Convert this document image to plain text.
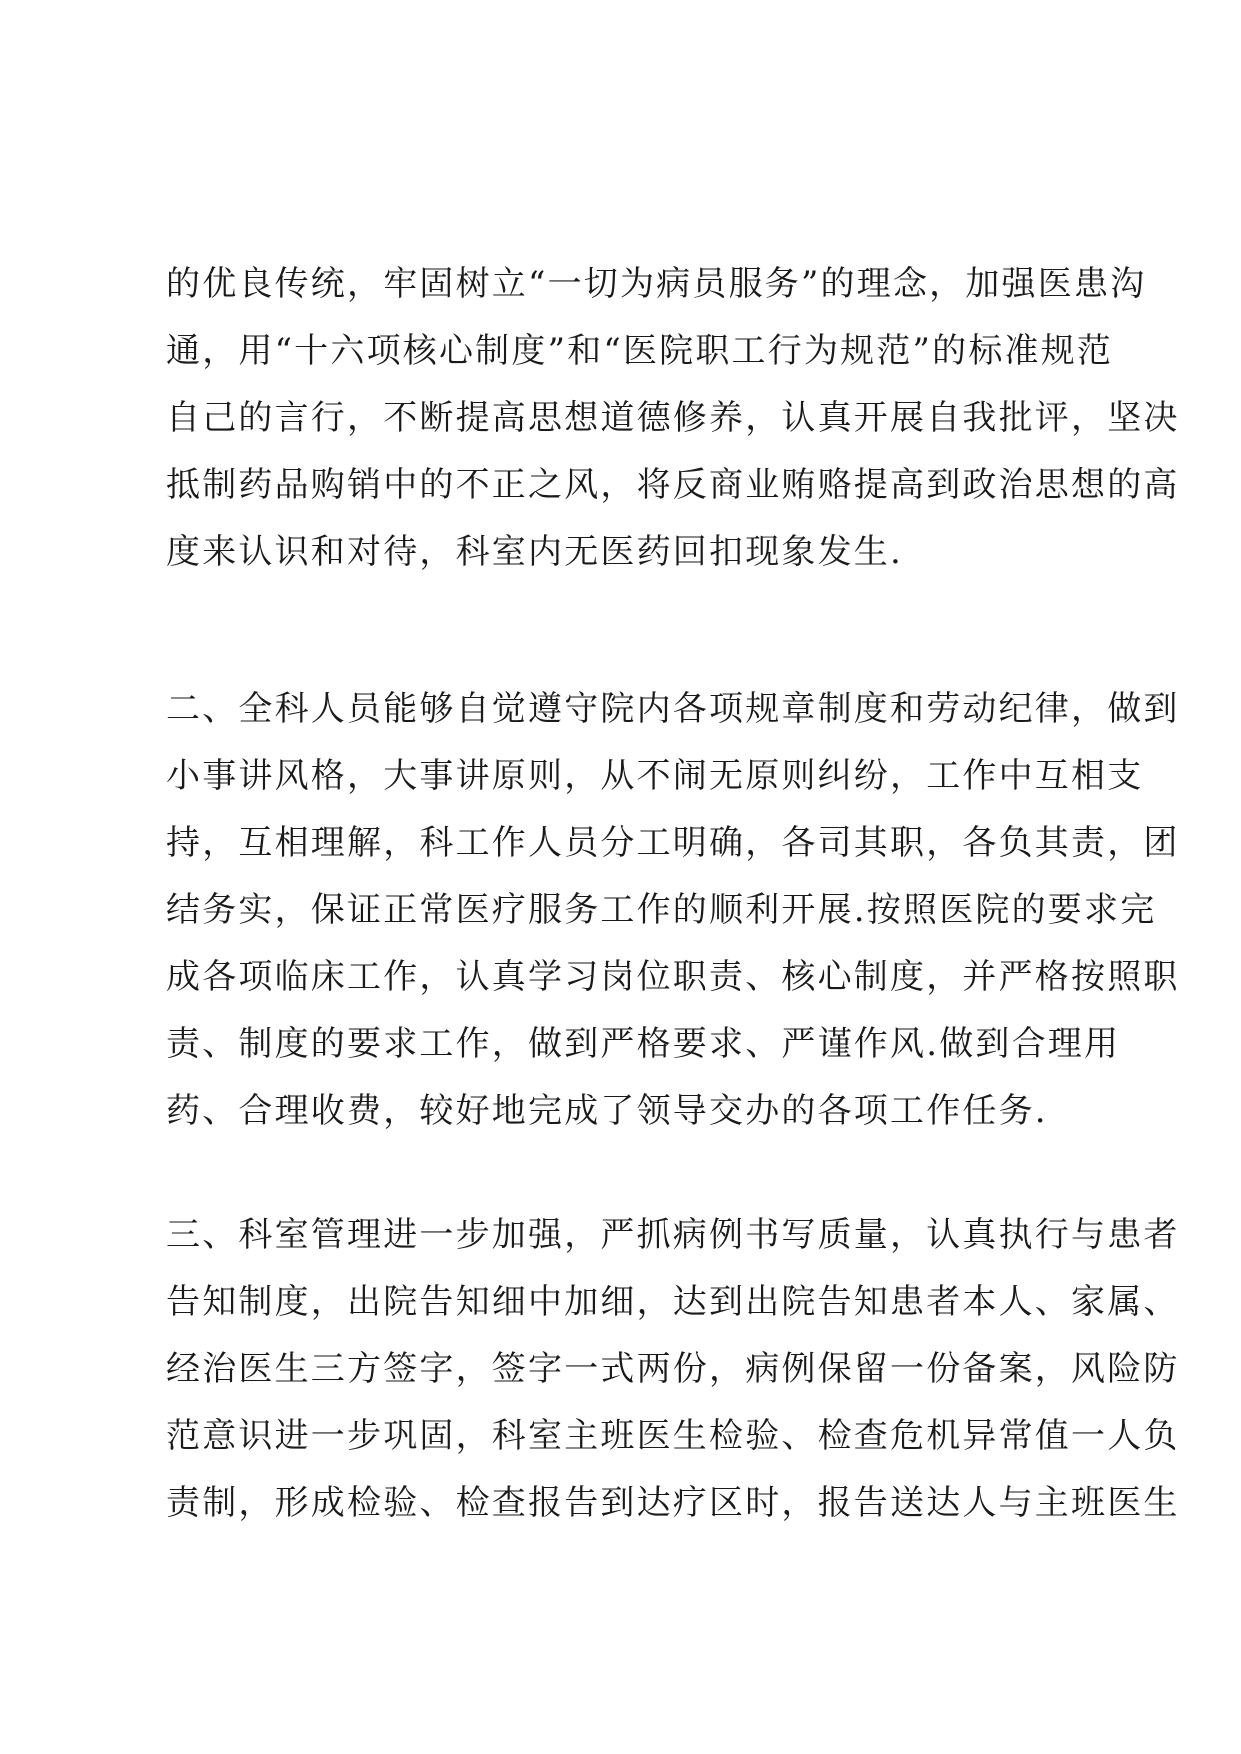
的优良传统，牢固树立“一切为病员服务”的理念，加强医患沟
通，用“十六项核心制度”和“医院职工行为规范”的标准规范
自己的言行，不断提高思想道德修养，认真开展自我批评，坚决
抵制药品购销中的不正之风，将反商业贿赂提高到政治思想的高
度来认识和对待，科室内无医药回扣现象发生.
二、全科人员能够自觉遵守院内各项规章制度和劳动纪律，做到
小事讲风格，大事讲原则，从不闹无原则纠纷，工作中互相支
持，互相理解，科工作人员分工明确，各司其职，各负其责，团
结务实，保证正常医疗服务工作的顺利开展.按照医院的要求完
成各项临床工作，认真学习岗位职责、核心制度，并严格按照职
责、制度的要求工作，做到严格要求、严谨作风.做到合理用
药、合理收费，较好地完成了领导交办的各项工作任务.
三、科室管理进一步加强，严抓病例书写质量，认真执行与患者
告知制度，出院告知细中加细，达到出院告知患者本人、家属、
经治医生三方签字，签字一式两份，病例保留一份备案，风险防
范意识进一步巩固，科室主班医生检验、检查危机异常值一人负
责制，形成检验、检查报告到达疗区时，报告送达人与主班医生
